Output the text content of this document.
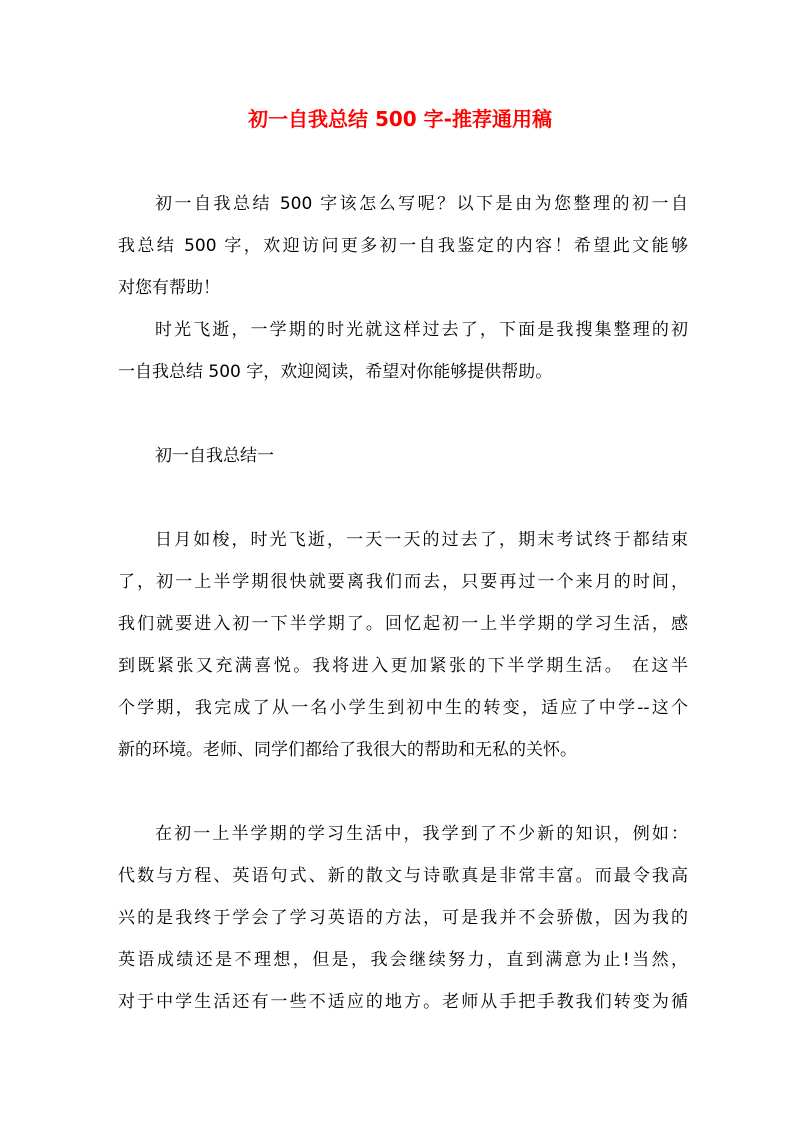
初一自我总结 500 字-推荐通用稿

初一自我总结 500 字该怎么写呢？以下是由为您整理的初一自

我总结 500 字，欢迎访问更多初一自我鉴定的内容！希望此文能够

对您有帮助！

时光飞逝，一学期的时光就这样过去了，下面是我搜集整理的初

一自我总结 500 字，欢迎阅读，希望对你能够提供帮助。

初一自我总结一

日月如梭，时光飞逝，一天一天的过去了，期末考试终于都结束

了，初一上半学期很快就要离我们而去，只要再过一个来月的时间，

我们就要进入初一下半学期了。回忆起初一上半学期的学习生活，感

到既紧张又充满喜悦。我将进入更加紧张的下半学期生活。 在这半

个学期，我完成了从一名小学生到初中生的转变，适应了中学--这个

新的环境。老师、同学们都给了我很大的帮助和无私的关怀。

在初一上半学期的学习生活中，我学到了不少新的知识，例如：

代数与方程、英语句式、新的散文与诗歌真是非常丰富。而最令我高

兴的是我终于学会了学习英语的方法，可是我并不会骄傲，因为我的

英语成绩还是不理想，但是，我会继续努力，直到满意为止!当然，

对于中学生活还有一些不适应的地方。老师从手把手教我们转变为循
